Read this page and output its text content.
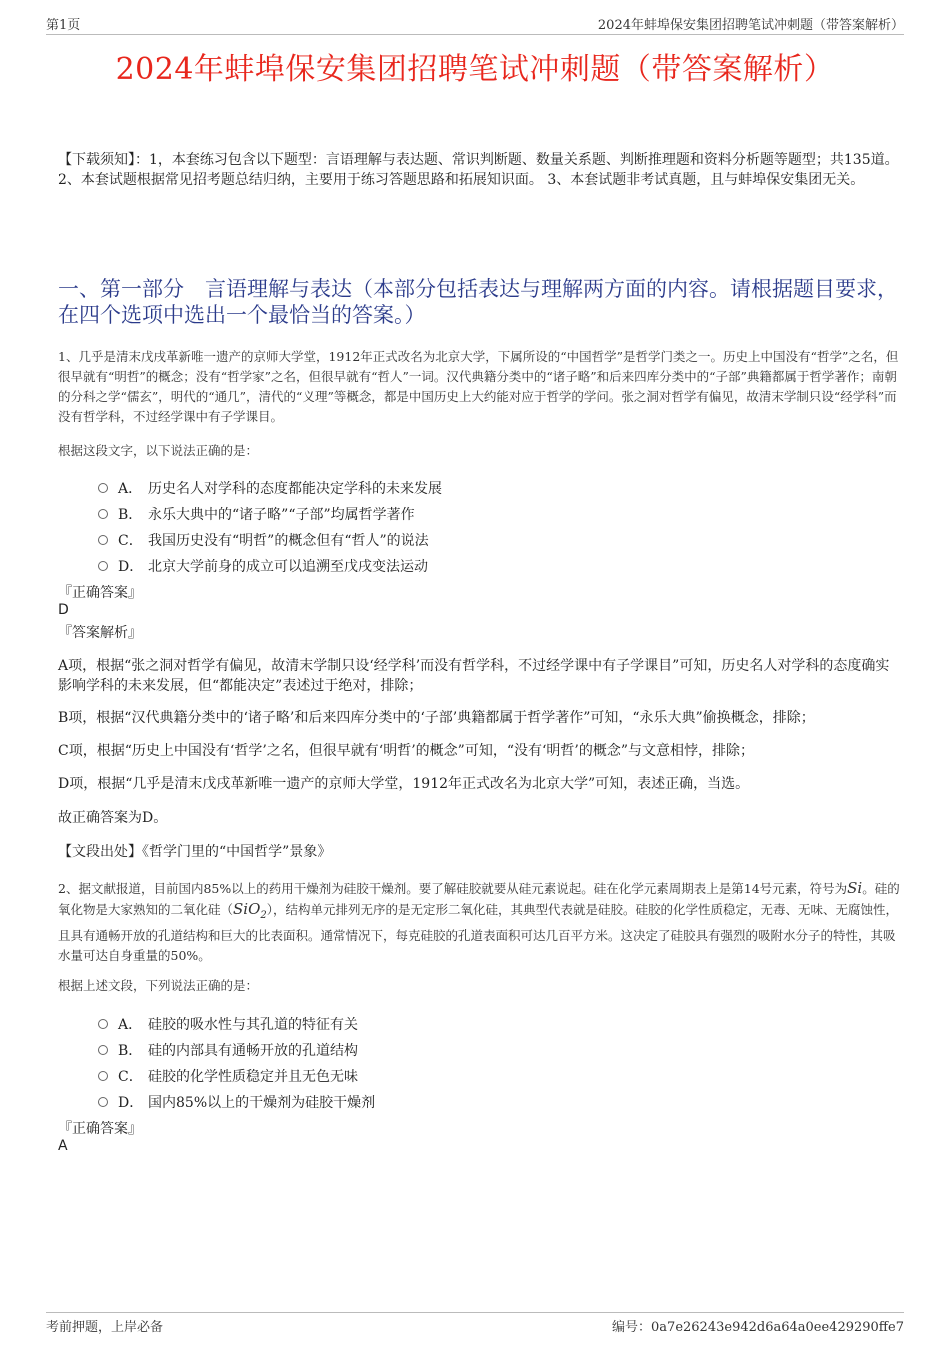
第1页	2024年蚌埠保安集团招聘笔试冲刺题（带答案解析）
2024年蚌埠保安集团招聘笔试冲刺题（带答案解析）
【下载须知】：1，本套练习包含以下题型：言语理解与表达题、常识判断题、数量关系题、判断推理题和资料分析题等题型；共135道。 2、本套试题根据常见招考题总结归纳，主要用于练习答题思路和拓展知识面。 3、本套试题非考试真题，且与蚌埠保安集团无关。
一、第一部分　言语理解与表达（本部分包括表达与理解两方面的内容。请根据题目要求，在四个选项中选出一个最恰当的答案。）
1、几乎是清末戊戌革新唯一遗产的京师大学堂，1912年正式改名为北京大学，下属所设的“中国哲学”是哲学门类之一。历史上中国没有“哲学”之名，但很早就有“明哲”的概念；没有“哲学家”之名，但很早就有“哲人”一词。汉代典籍分类中的“诸子略”和后来四库分类中的“子部”典籍都属于哲学著作；南朝的分科之学“儒玄”，明代的“通几”，清代的“义理”等概念，都是中国历史上大约能对应于哲学的学问。张之洞对哲学有偏见，故清末学制只设“经学科”而没有哲学科，不过经学课中有子学课目。
根据这段文字，以下说法正确的是：
A． 历史名人对学科的态度都能决定学科的未来发展
B． 永乐大典中的“诸子略”“子部”均属哲学著作
C． 我国历史没有“明哲”的概念但有“哲人”的说法
D． 北京大学前身的成立可以追溯至戊戌变法运动
『正确答案』
D
『答案解析』
A项，根据“张之洞对哲学有偏见，故清末学制只设‘经学科’而没有哲学科，不过经学课中有子学课目”可知，历史名人对学科的态度确实影响学科的未来发展，但“都能决定”表述过于绝对，排除；
B项，根据“汉代典籍分类中的‘诸子略’和后来四库分类中的‘子部’典籍都属于哲学著作”可知，“永乐大典”偷换概念，排除；
C项，根据“历史上中国没有‘哲学’之名，但很早就有‘明哲’的概念”可知，“没有‘明哲’的概念”与文意相悖，排除；
D项，根据“几乎是清末戊戌革新唯一遗产的京师大学堂，1912年正式改名为北京大学”可知，表述正确，当选。
故正确答案为D。
【文段出处】《哲学门里的“中国哲学”景象》
2、据文献报道，目前国内85%以上的药用干燥剂为硅胶干燥剂。要了解硅胶就要从硅元素说起。硅在化学元素周期表上是第14号元素，符号为Si。硅的氧化物是大家熟知的二氧化硅（SiO$_2$），结构单元排列无序的是无定形二氧化硅，其典型代表就是硅胶。硅胶的化学性质稳定，无毒、无味、无腐蚀性，且具有通畅开放的孔道结构和巨大的比表面积。通常情况下，每克硅胶的孔道表面积可达几百平方米。这决定了硅胶具有强烈的吸附水分子的特性，其吸水量可达自身重量的50%。
根据上述文段，下列说法正确的是：
A． 硅胶的吸水性与其孔道的特征有关
B． 硅的内部具有通畅开放的孔道结构
C． 硅胶的化学性质稳定并且无色无味
D． 国内85%以上的干燥剂为硅胶干燥剂
『正确答案』
A
考前押题，上岸必备	编号：0a7e26243e942d6a64a0ee429290ffe7
